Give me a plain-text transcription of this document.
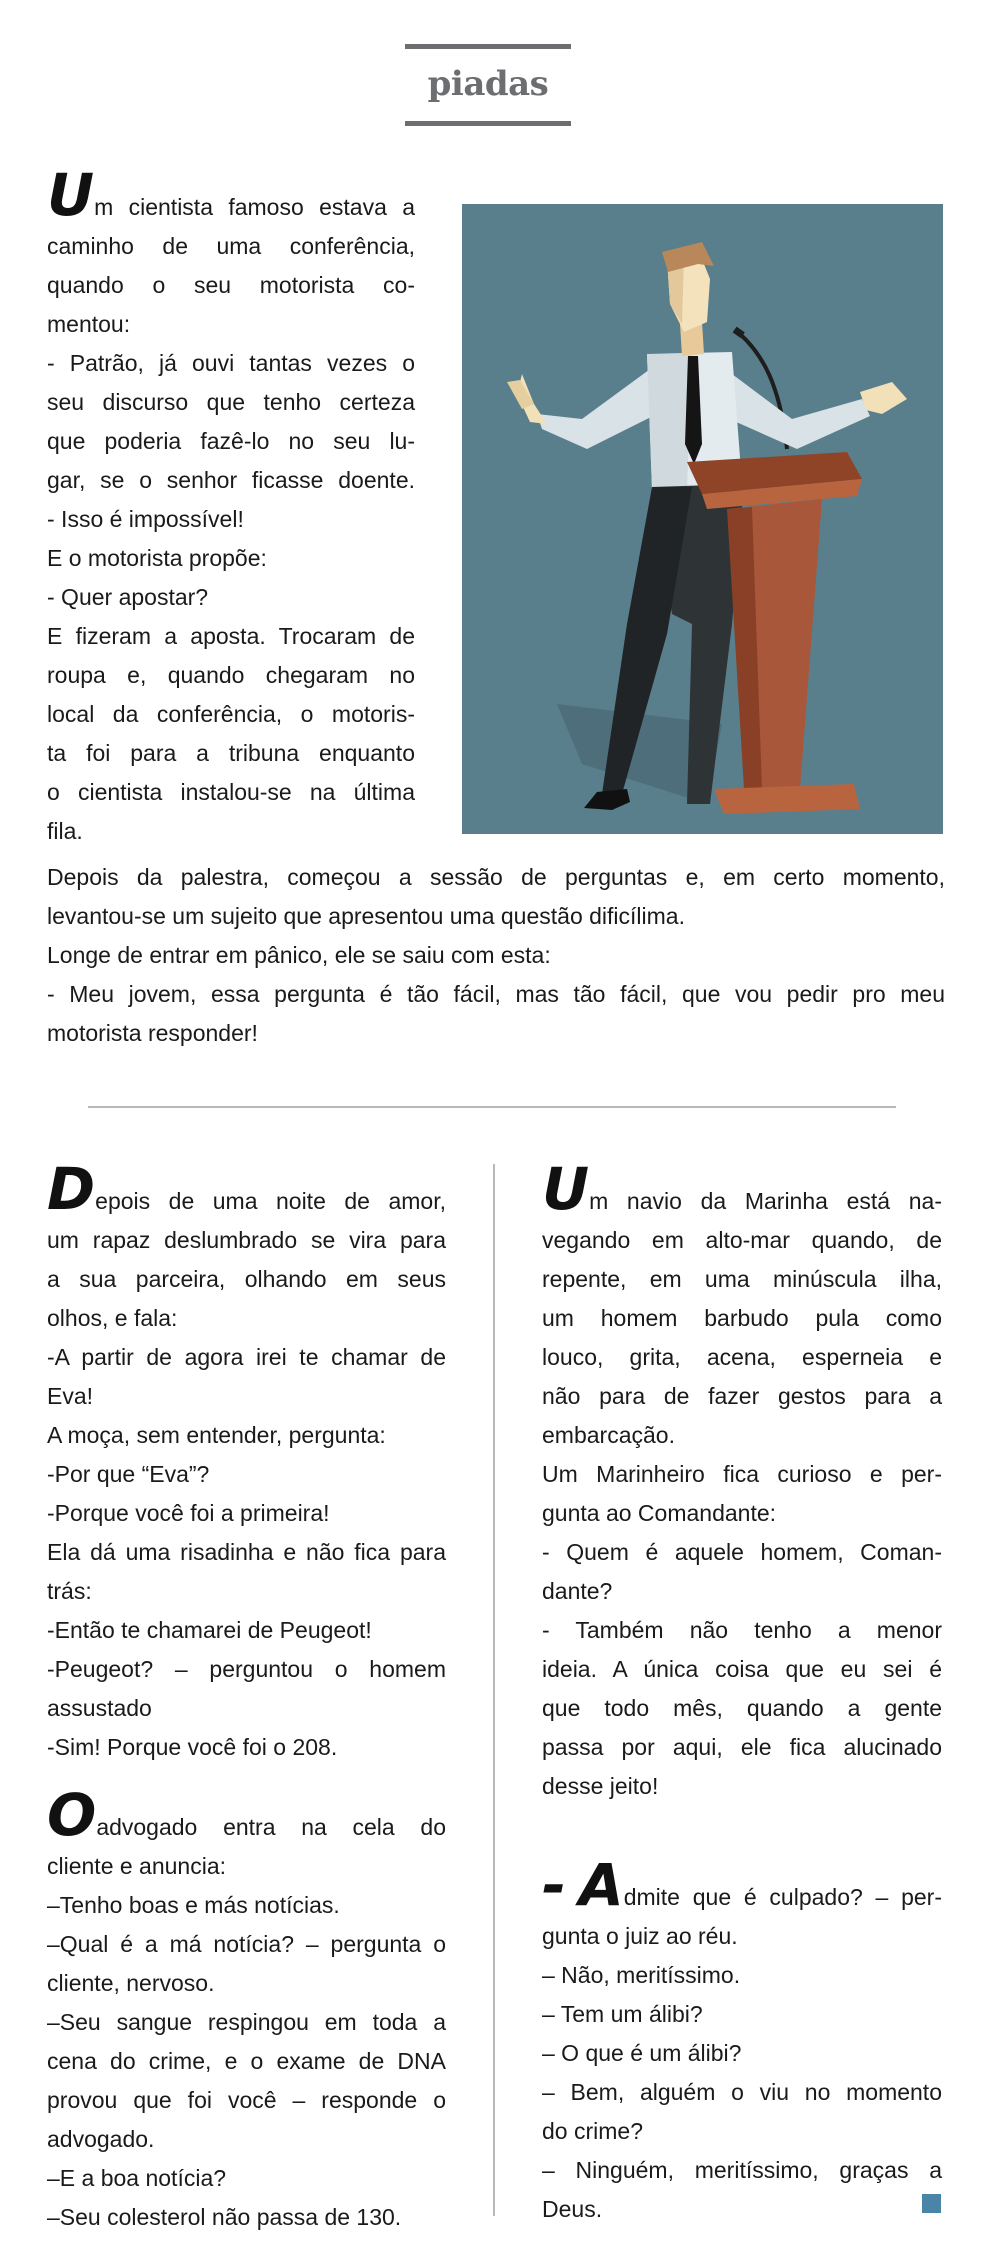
piadas
Um cientista famoso estava a
caminho de uma conferência,
quando o seu motorista co-
mentou:
- Patrão, já ouvi tantas vezes o
seu discurso que tenho certeza
que poderia fazê-lo no seu lu-
gar, se o senhor ficasse doente.
- Isso é impossível!
E o motorista propõe:
- Quer apostar?
E fizeram a aposta. Trocaram de
roupa e, quando chegaram no
local da conferência, o motoris-
ta foi para a tribuna enquanto
o cientista instalou-se na última
fila.
Depois da palestra, começou a sessão de perguntas e, em certo momento,
levantou-se um sujeito que apresentou uma questão dificílima.
Longe de entrar em pânico, ele se saiu com esta:
- Meu jovem, essa pergunta é tão fácil, mas tão fácil, que vou pedir pro meu
motorista responder!
Depois de uma noite de amor,
um rapaz deslumbrado se vira para
a sua parceira, olhando em seus
olhos, e fala:
-A partir de agora irei te chamar de
Eva!
A moça, sem entender, pergunta:
-Por que “Eva”?
-Porque você foi a primeira!
Ela dá uma risadinha e não fica para
trás:
-Então te chamarei de Peugeot!
-Peugeot? – perguntou o homem
assustado
-Sim! Porque você foi o 208.
Oadvogado entra na cela do
cliente e anuncia:
–Tenho boas e más notícias.
–Qual é a má notícia? – pergunta o
cliente, nervoso.
–Seu sangue respingou em toda a
cena do crime, e o exame de DNA
provou que foi você – responde o
advogado.
–E a boa notícia?
–Seu colesterol não passa de 130.
Um navio da Marinha está na-
vegando em alto-mar quando, de
repente, em uma minúscula ilha,
um homem barbudo pula como
louco, grita, acena, esperneia e
não para de fazer gestos para a
embarcação.
Um Marinheiro fica curioso e per-
gunta ao Comandante:
- Quem é aquele homem, Coman-
dante?
- Também não tenho a menor
ideia. A única coisa que eu sei é
que todo mês, quando a gente
passa por aqui, ele fica alucinado
desse jeito!
- Admite que é culpado? – per-
gunta o juiz ao réu.
– Não, meritíssimo.
– Tem um álibi?
– O que é um álibi?
– Bem, alguém o viu no momento
do crime?
– Ninguém, meritíssimo, graças a
Deus.
